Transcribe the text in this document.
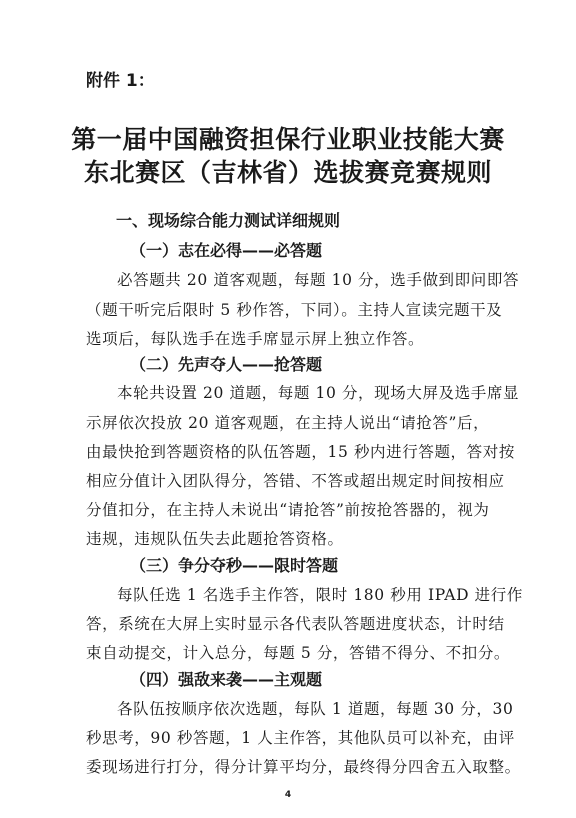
附件 1：
第一届中国融资担保行业职业技能大赛
东北赛区（吉林省）选拔赛竞赛规则
一、现场综合能力测试详细规则
（一）志在必得——必答题
必答题共 20 道客观题，每题 10 分，选手做到即问即答
（题干听完后限时 5 秒作答，下同）。主持人宣读完题干及
选项后，每队选手在选手席显示屏上独立作答。
（二）先声夺人——抢答题
本轮共设置 20 道题，每题 10 分，现场大屏及选手席显
示屏依次投放 20 道客观题，在主持人说出“请抢答”后，
由最快抢到答题资格的队伍答题，15 秒内进行答题，答对按
相应分值计入团队得分，答错、不答或超出规定时间按相应
分值扣分，在主持人未说出“请抢答”前按抢答器的，视为
违规，违规队伍失去此题抢答资格。
（三）争分夺秒——限时答题
每队任选 1 名选手主作答，限时 180 秒用 IPAD 进行作
答，系统在大屏上实时显示各代表队答题进度状态，计时结
束自动提交，计入总分，每题 5 分，答错不得分、不扣分。
（四）强敌来袭——主观题
各队伍按顺序依次选题，每队 1 道题，每题 30 分，30
秒思考，90 秒答题，1 人主作答，其他队员可以补充，由评
委现场进行打分，得分计算平均分，最终得分四舍五入取整。
4
